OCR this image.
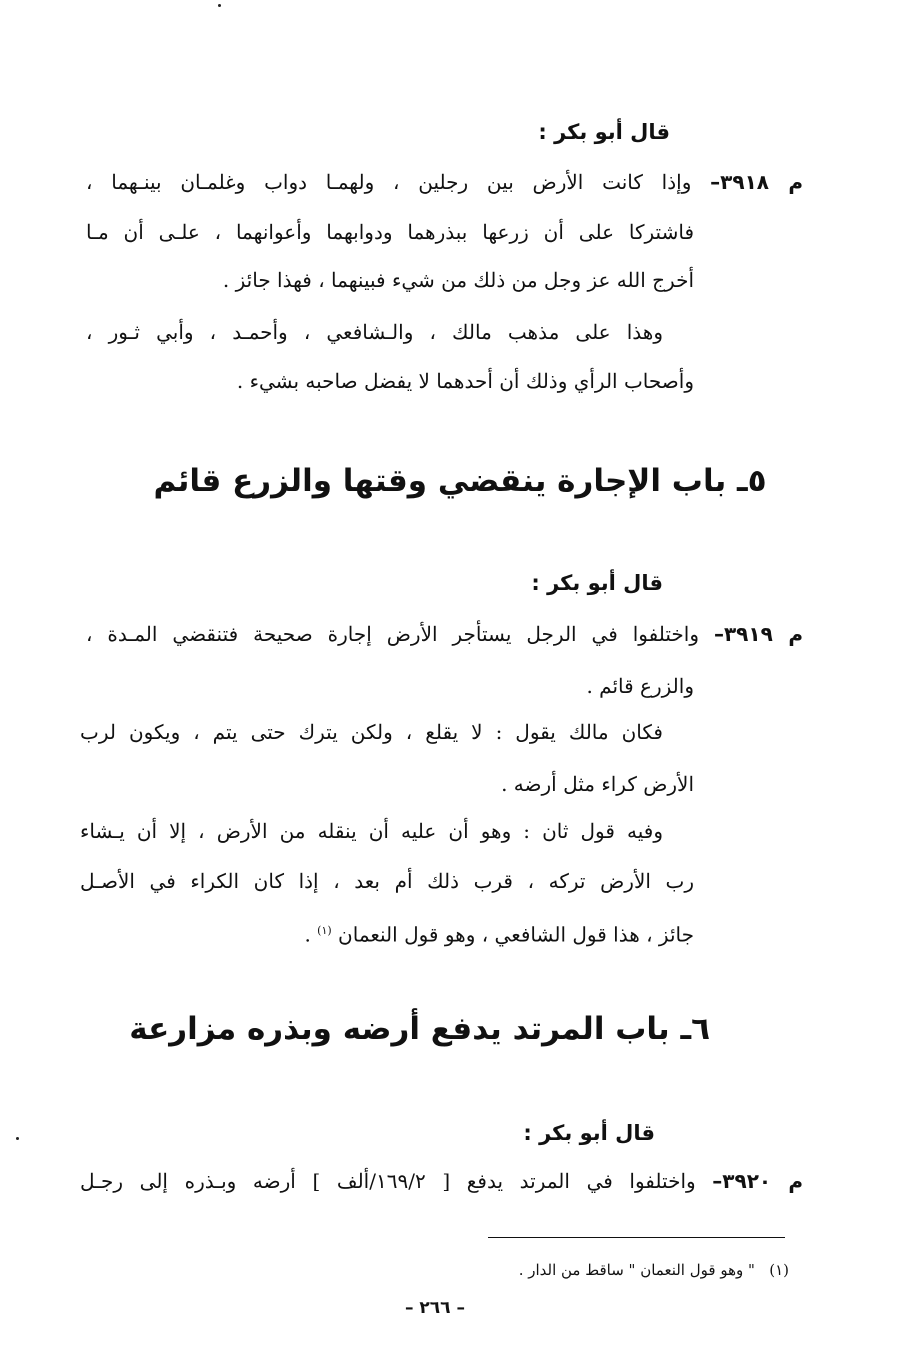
قال أبو بكر :
م ٣٩١٨– وإذا كانت الأرض بين رجلين ، ولهمـا دواب وغلمـان بينـهما ،
فاشتركا على أن زرعها ببذرهما ودوابهما وأعوانهما ، علـى أن مـا
أخرج الله عز وجل من ذلك من شيء فبينهما ، فهذا جائز .
وهذا على مذهب مالك ، والـشافعي ، وأحمـد ، وأبي ثـور ،
وأصحاب الرأي وذلك أن أحدهما لا يفضل صاحبه بشيء .
٥ـ باب الإجارة ينقضي وقتها والزرع قائم
قال أبو بكر :
م ٣٩١٩– واختلفوا في الرجل يستأجر الأرض إجارة صحيحة فتنقضي المـدة ،
والزرع قائم .
فكان مالك يقول : لا يقلع ، ولكن يترك حتى يتم ، ويكون لرب
الأرض كراء مثل أرضه .
وفيه قول ثان : وهو أن عليه أن ينقله من الأرض ، إلا أن يـشاء
رب الأرض تركه ، قرب ذلك أم بعد ، إذا كان الكراء في الأصـل
جائز ، هذا قول الشافعي ، وهو قول النعمان $^{(١)}$ .
٦ـ باب المرتد يدفع أرضه وبذره مزارعة
قال أبو بكر :
م ٣٩٢٠– واختلفوا في المرتد يدفع [ ١٦٩/٢/ألف ] أرضه وبـذره إلى رجـل
(١)   " وهو قول النعمان " ساقط من الدار .
– ٢٦٦ –
